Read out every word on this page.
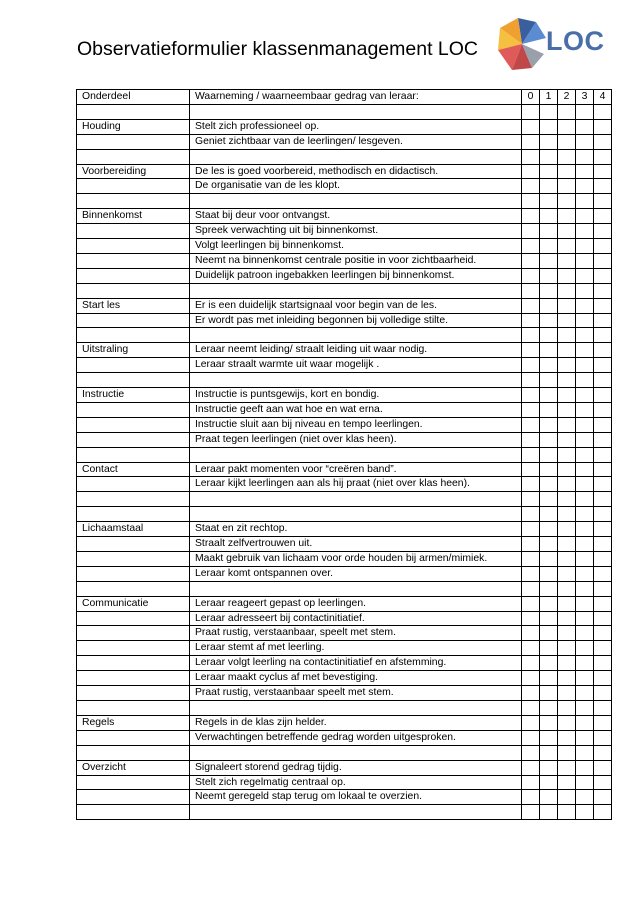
Observatieformulier klassenmanagement LOC	LOC
Onderdeel	Waarneming / waarneembaar gedrag van leraar:	0	1	2	3	4

Houding	Stelt zich professioneel op.					
	Geniet zichtbaar van de leerlingen/ lesgeven.					

Voorbereiding	De les is goed voorbereid, methodisch en didactisch.					
	De organisatie van de les klopt.					

Binnenkomst	Staat bij deur voor ontvangst.					
	Spreek verwachting uit bij binnenkomst.					
	Volgt leerlingen bij binnenkomst.					
	Neemt na binnenkomst centrale positie in voor zichtbaarheid.					
	Duidelijk patroon ingebakken leerlingen bij binnenkomst.					

Start les	Er is een duidelijk startsignaal voor begin van de les.					
	Er wordt pas met inleiding begonnen bij volledige stilte.					

Uitstraling	Leraar neemt leiding/ straalt leiding uit waar nodig.					
	Leraar straalt warmte uit waar mogelijk .					

Instructie	Instructie is puntsgewijs, kort en bondig.					
	Instructie geeft aan wat hoe en wat erna.					
	Instructie sluit aan bij niveau en tempo leerlingen.					
	Praat tegen leerlingen (niet over klas heen).					

Contact	Leraar pakt momenten voor “creëren band”.					
	Leraar kijkt leerlingen aan als hij praat (niet over klas heen).					

Lichaamstaal	Staat en zit rechtop.					
	Straalt zelfvertrouwen uit.					
	Maakt gebruik van lichaam voor orde houden bij armen/mimiek.					
	Leraar komt ontspannen over.					

Communicatie	Leraar reageert gepast op leerlingen.					
	Leraar adresseert bij contactinitiatief.					
	Praat rustig, verstaanbaar, speelt met stem.					
	Leraar stemt af met leerling.					
	Leraar volgt leerling na contactinitiatief en afstemming.					
	Leraar maakt cyclus af met bevestiging.					
	Praat rustig, verstaanbaar speelt met stem.					

Regels	Regels in de klas zijn helder.					
	Verwachtingen betreffende gedrag worden uitgesproken.					

Overzicht	Signaleert storend gedrag tijdig.					
	Stelt zich regelmatig centraal op.					
	Neemt geregeld stap terug om lokaal te overzien.					
